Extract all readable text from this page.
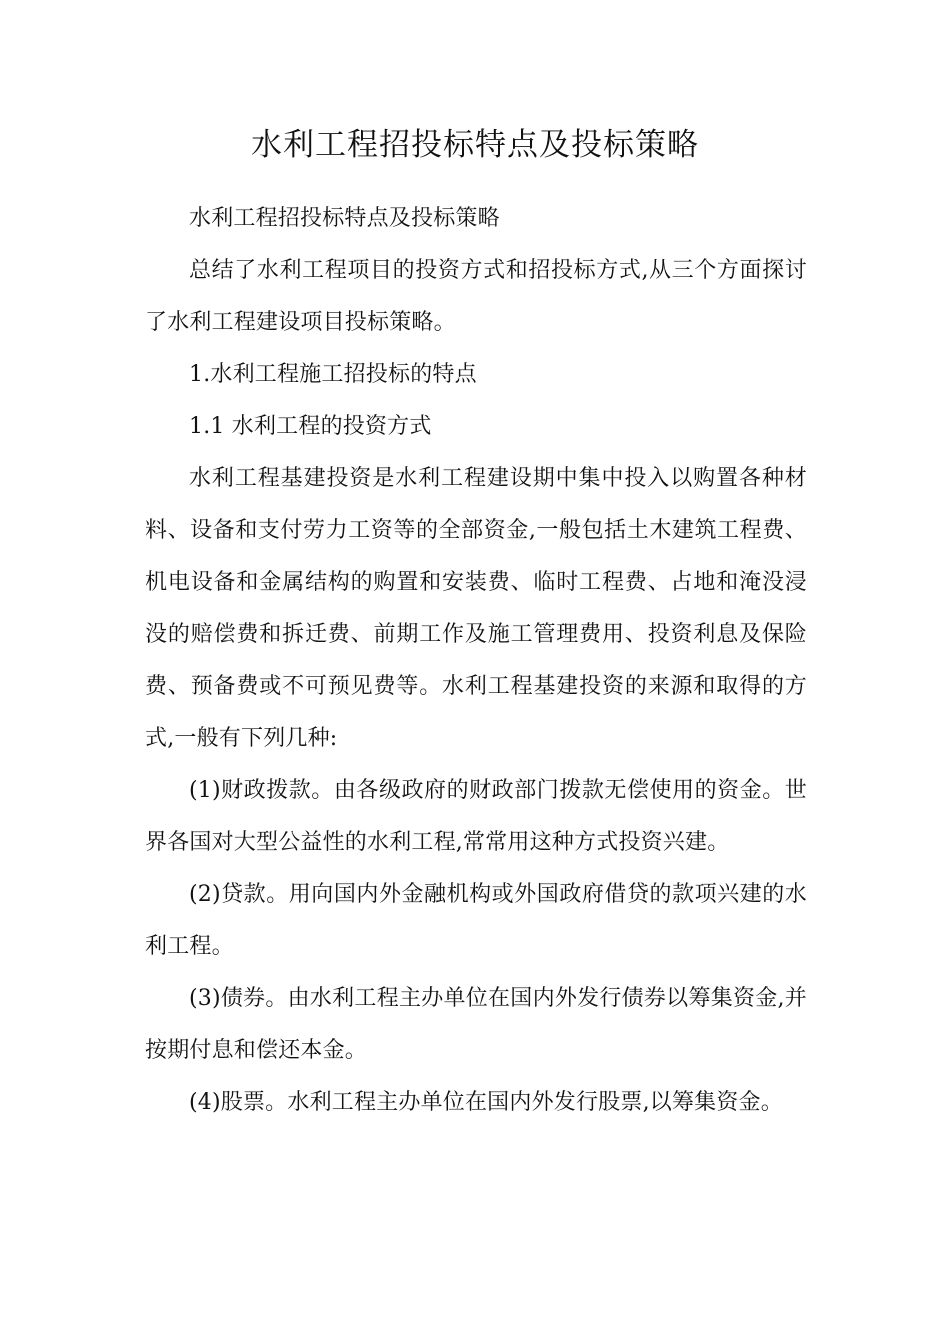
水利工程招投标特点及投标策略

水利工程招投标特点及投标策略

总结了水利工程项目的投资方式和招投标方式,从三个方面探讨了水利工程建设项目投标策略。

1.水利工程施工招投标的特点

1.1 水利工程的投资方式

水利工程基建投资是水利工程建设期中集中投入以购置各种材料、设备和支付劳力工资等的全部资金,一般包括土木建筑工程费、机电设备和金属结构的购置和安装费、临时工程费、占地和淹没浸没的赔偿费和拆迁费、前期工作及施工管理费用、投资利息及保险费、预备费或不可预见费等。水利工程基建投资的来源和取得的方式,一般有下列几种:

(1)财政拨款。由各级政府的财政部门拨款无偿使用的资金。世界各国对大型公益性的水利工程,常常用这种方式投资兴建。

(2)贷款。用向国内外金融机构或外国政府借贷的款项兴建的水利工程。

(3)债券。由水利工程主办单位在国内外发行债券以筹集资金,并按期付息和偿还本金。

(4)股票。水利工程主办单位在国内外发行股票,以筹集资金。
